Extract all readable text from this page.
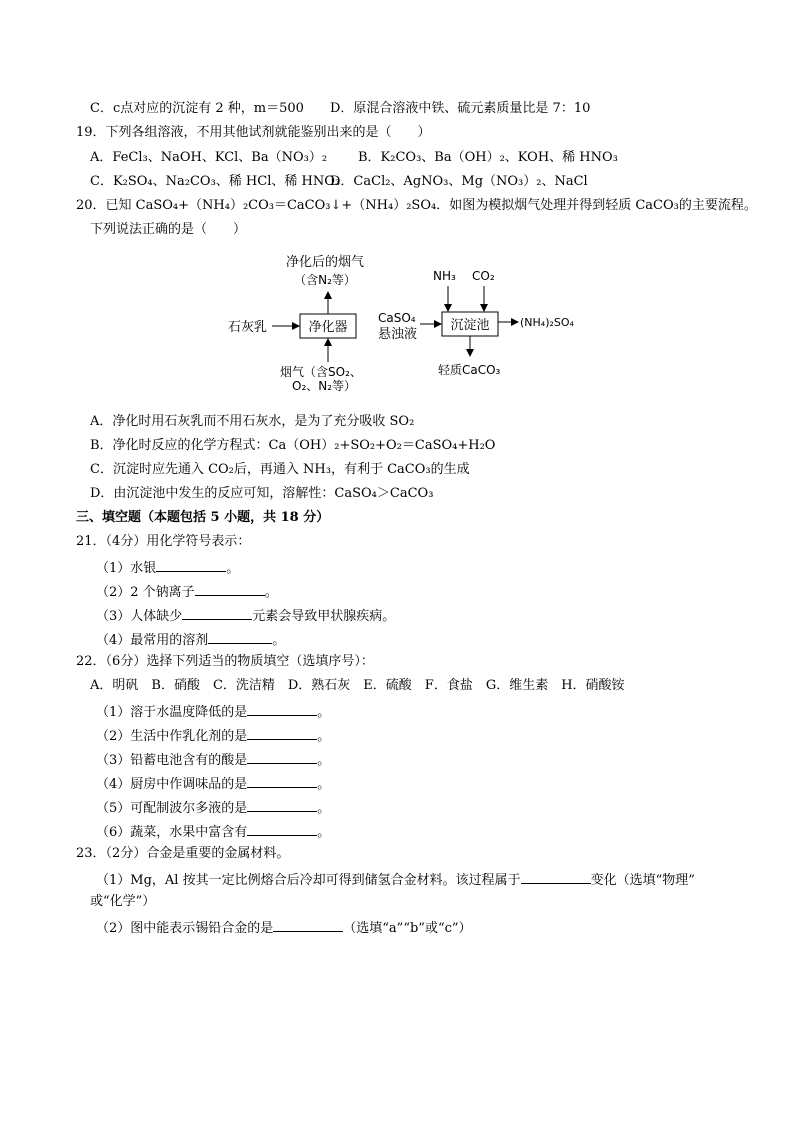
C．c点对应的沉淀有 2 种，m＝500 D．原混合溶液中铁、硫元素质量比是 7：10
19．下列各组溶液，不用其他试剂就能鉴别出来的是（　　）
A．FeCl₃、NaOH、KCl、Ba（NO₃）₂ B．K₂CO₃、Ba（OH）₂、KOH、稀 HNO₃
C．K₂SO₄、Na₂CO₃、稀 HCl、稀 HNO₃
D．CaCl₂、AgNO₃、Mg（NO₃）₂、NaCl
20．已知 CaSO₄+（NH₄）₂CO₃＝CaCO₃↓+（NH₄）₂SO₄．如图为模拟烟气处理并得到轻质 CaCO₃的主要流程。
下列说法正确的是（　　）
净化器	沉淀池
净化后的烟气
（含N₂等）
石灰乳
CaSO₄
悬浊液
NH₃ CO₂
(NH₄)₂SO₄
烟气（含SO₂、
O₂、N₂等）
轻质CaCO₃
A．净化时用石灰乳而不用石灰水，是为了充分吸收 SO₂
B．净化时反应的化学方程式：Ca（OH）₂+SO₂+O₂＝CaSO₄+H₂O
C．沉淀时应先通入 CO₂后，再通入 NH₃，有利于 CaCO₃的生成
D．由沉淀池中发生的反应可知，溶解性：CaSO₄＞CaCO₃
三、填空题（本题包括 5 小题，共 18 分）
21．（4分）用化学符号表示：
（1）水银	。
（2）2 个钠离子	。
（3）人体缺少	元素会导致甲状腺疾病。
（4）最常用的溶剂	。
22．（6分）选择下列适当的物质填空（选填序号）：
A．明矾　B．硝酸　C．洗洁精　D．熟石灰　E．硫酸　F．食盐　G．维生素　H．硝酸铵
（1）溶于水温度降低的是	。
（2）生活中作乳化剂的是	。
（3）铅蓄电池含有的酸是	。
（4）厨房中作调味品的是	。
（5）可配制波尔多液的是	。
（6）蔬菜，水果中富含有	。
23．（2分）合金是重要的金属材料。
（1）Mg，Al 按其一定比例熔合后冷却可得到储氢合金材料。该过程属于	变化（选填“物理”
或“化学”）
（2）图中能表示锡铅合金的是	（选填“a”“b”或“c”）
